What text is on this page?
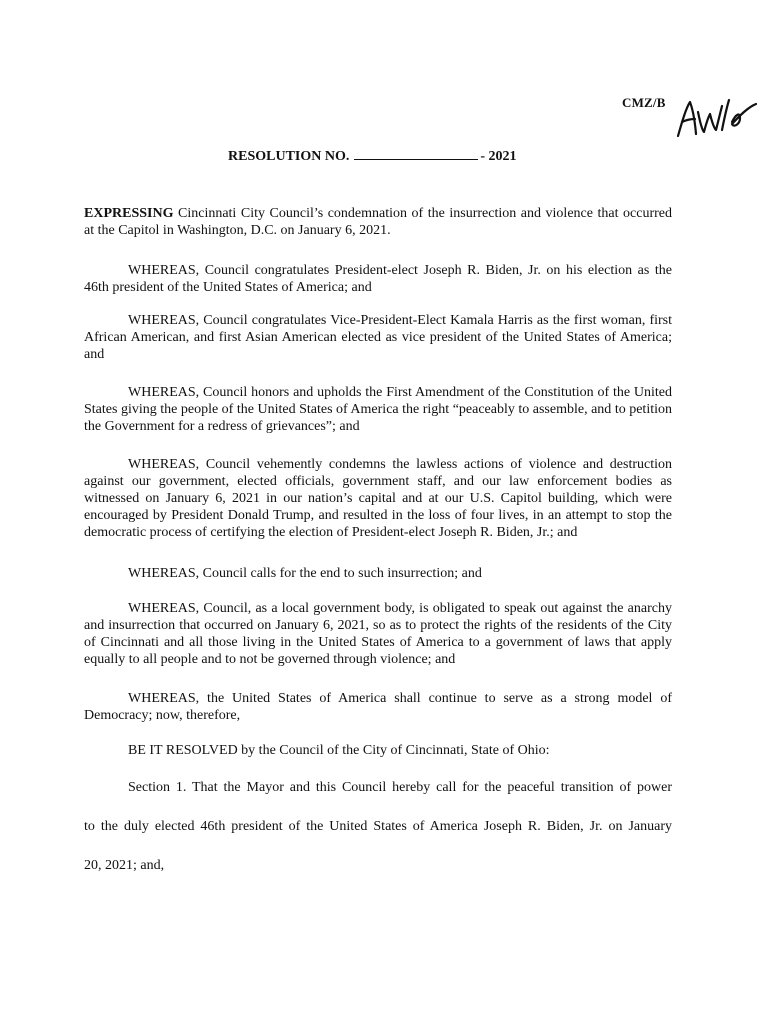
CMZ/B
RESOLUTION NO.	- 2021

EXPRESSING Cincinnati City Council’s condemnation of the insurrection and violence that occurred at the Capitol in Washington, D.C. on January 6, 2021.

WHEREAS, Council congratulates President-elect Joseph R. Biden, Jr. on his election as the 46th president of the United States of America; and

WHEREAS, Council congratulates Vice-President-Elect Kamala Harris as the first woman, first African American, and first Asian American elected as vice president of the United States of America; and

WHEREAS, Council honors and upholds the First Amendment of the Constitution of the United States giving the people of the United States of America the right “peaceably to assemble, and to petition the Government for a redress of grievances”; and

WHEREAS, Council vehemently condemns the lawless actions of violence and destruction against our government, elected officials, government staff, and our law enforcement bodies as witnessed on January 6, 2021 in our nation’s capital and at our U.S. Capitol building, which were encouraged by President Donald Trump, and resulted in the loss of four lives, in an attempt to stop the democratic process of certifying the election of President-elect Joseph R. Biden, Jr.; and

WHEREAS, Council calls for the end to such insurrection; and

WHEREAS, Council, as a local government body, is obligated to speak out against the anarchy and insurrection that occurred on January 6, 2021, so as to protect the rights of the residents of the City of Cincinnati and all those living in the United States of America to a government of laws that apply equally to all people and to not be governed through violence; and

WHEREAS, the United States of America shall continue to serve as a strong model of Democracy; now, therefore,

BE IT RESOLVED by the Council of the City of Cincinnati, State of Ohio:
Section 1. That the Mayor and this Council hereby call for the peaceful transition of power
to the duly elected 46th president of the United States of America Joseph R. Biden, Jr. on January
20, 2021; and,
